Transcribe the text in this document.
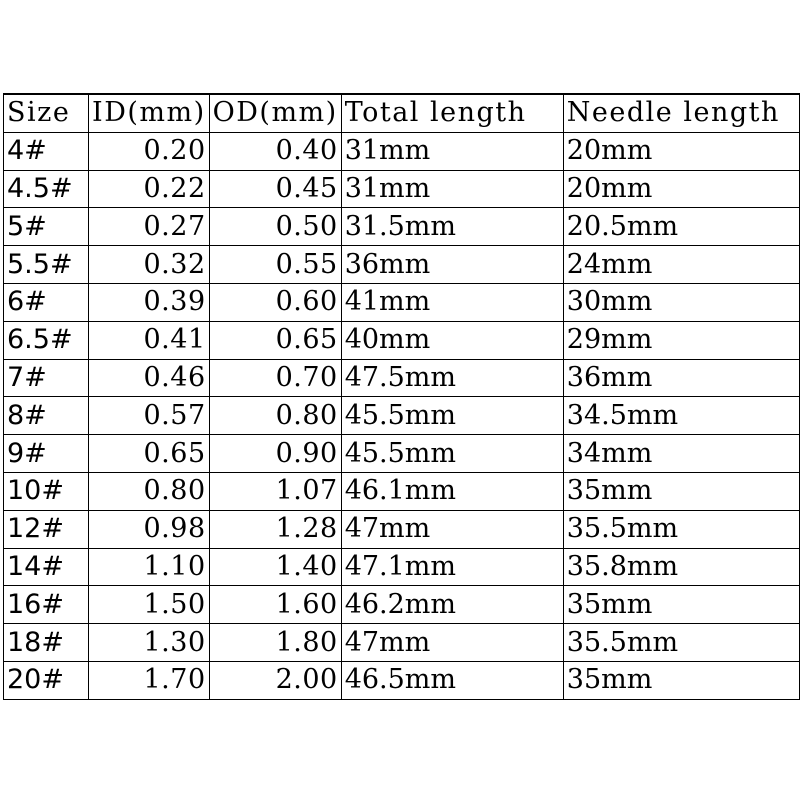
Size	ID(mm)	OD(mm)	Total length	Needle length
4#	0.20	0.40	31mm	20mm
4.5#	0.22	0.45	31mm	20mm
5#	0.27	0.50	31.5mm	20.5mm
5.5#	0.32	0.55	36mm	24mm
6#	0.39	0.60	41mm	30mm
6.5#	0.41	0.65	40mm	29mm
7#	0.46	0.70	47.5mm	36mm
8#	0.57	0.80	45.5mm	34.5mm
9#	0.65	0.90	45.5mm	34mm
10#	0.80	1.07	46.1mm	35mm
12#	0.98	1.28	47mm	35.5mm
14#	1.10	1.40	47.1mm	35.8mm
16#	1.50	1.60	46.2mm	35mm
18#	1.30	1.80	47mm	35.5mm
20#	1.70	2.00	46.5mm	35mm
